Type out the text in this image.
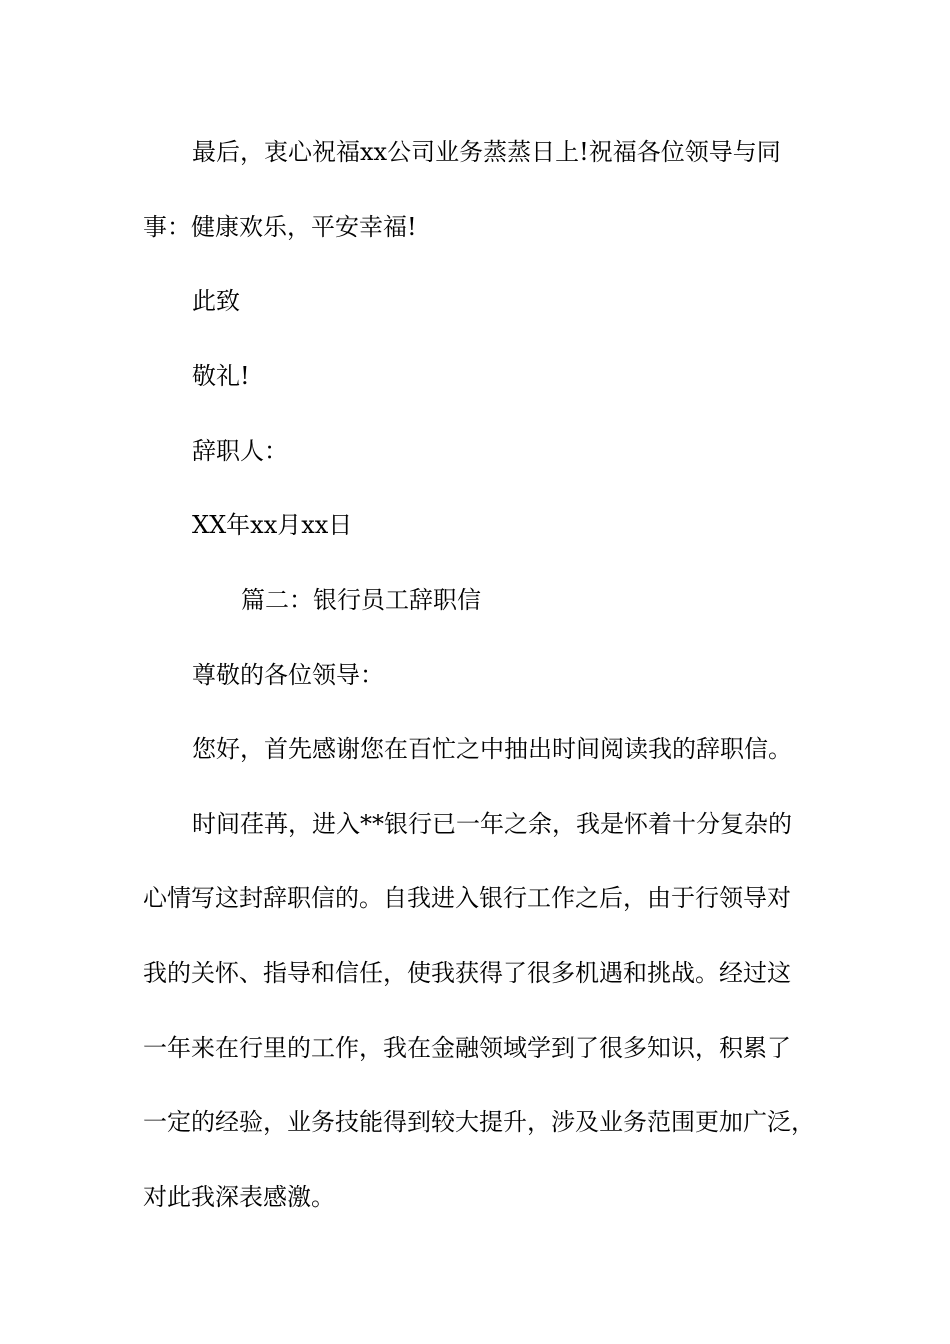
最后，衷心祝福xx公司业务蒸蒸日上!祝福各位领导与同

事：健康欢乐，平安幸福!

此致

敬礼!

辞职人：

XX年xx月xx日

篇二：银行员工辞职信

尊敬的各位领导：

您好，首先感谢您在百忙之中抽出时间阅读我的辞职信。

时间荏苒，进入**银行已一年之余，我是怀着十分复杂的

心情写这封辞职信的。自我进入银行工作之后，由于行领导对

我的关怀、指导和信任，使我获得了很多机遇和挑战。经过这

一年来在行里的工作，我在金融领域学到了很多知识，积累了

一定的经验，业务技能得到较大提升，涉及业务范围更加广泛，

对此我深表感激。
